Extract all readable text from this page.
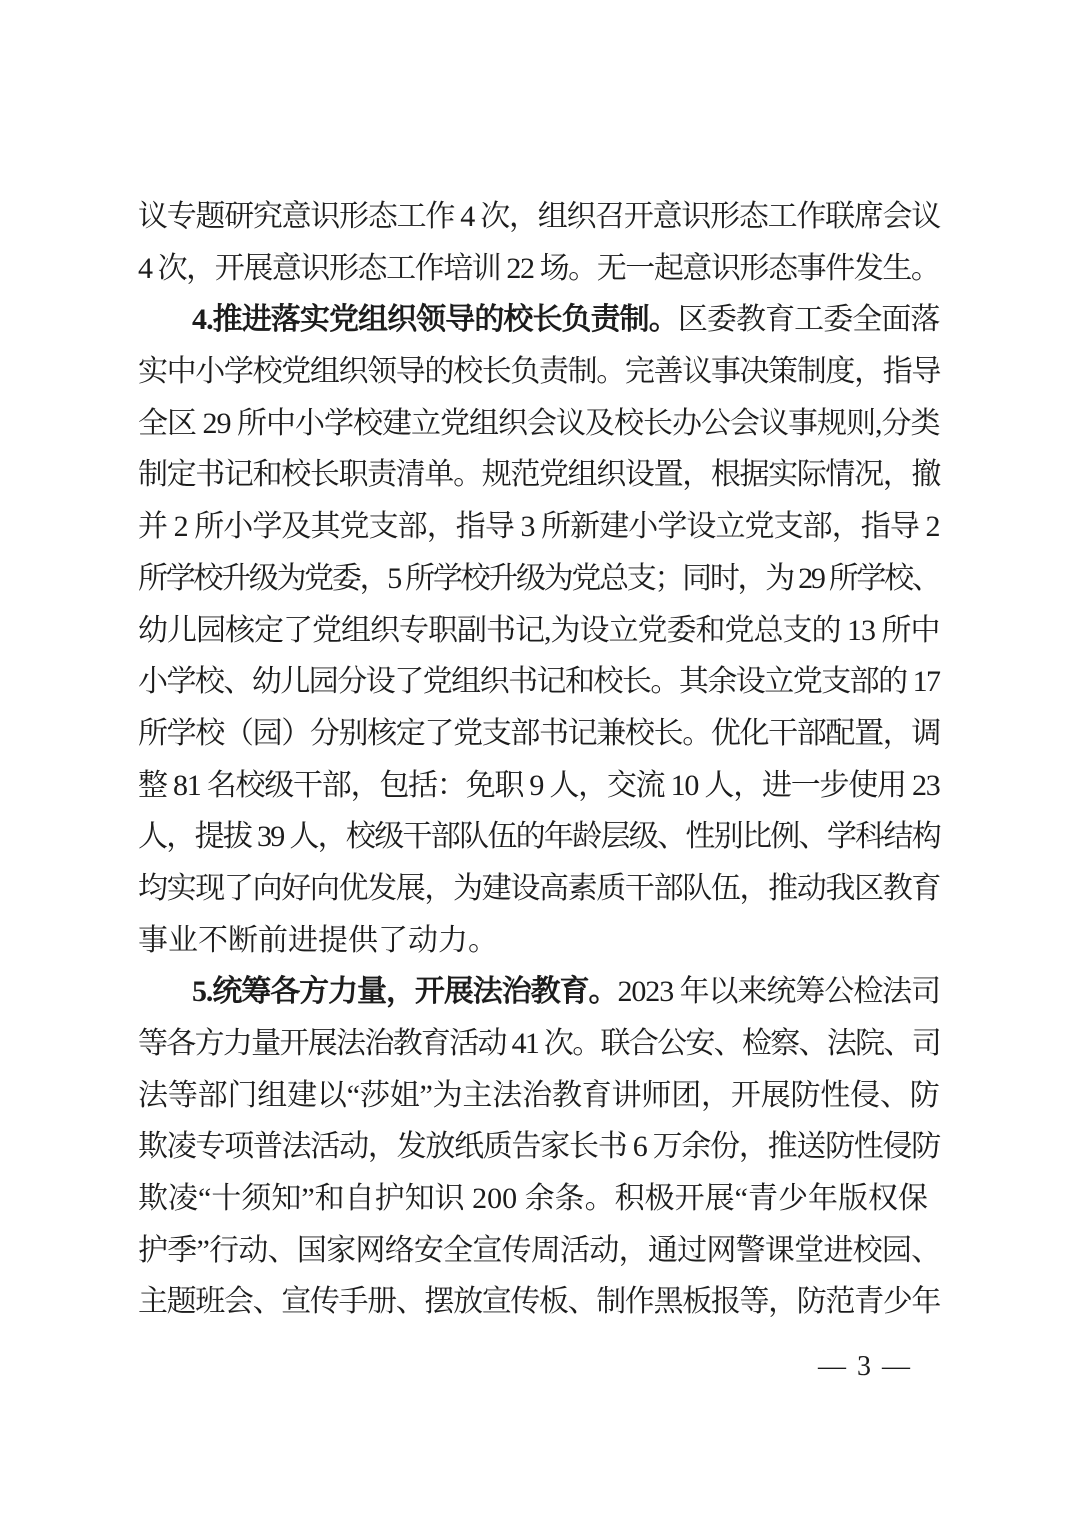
议专题研究意识形态工作 4 次，组织召开意识形态工作联席会议
4 次，开展意识形态工作培训 22 场。无一起意识形态事件发生。
4.推进落实党组织领导的校长负责制。区委教育工委全面落
实中小学校党组织领导的校长负责制。完善议事决策制度，指导
全区 29 所中小学校建立党组织会议及校长办公会议事规则,分类
制定书记和校长职责清单。规范党组织设置，根据实际情况，撤
并 2 所小学及其党支部，指导 3 所新建小学设立党支部，指导 2
所学校升级为党委，5 所学校升级为党总支；同时，为 29 所学校、
幼儿园核定了党组织专职副书记,为设立党委和党总支的 13 所中
小学校、幼儿园分设了党组织书记和校长。其余设立党支部的 17
所学校（园）分别核定了党支部书记兼校长。优化干部配置，调
整 81 名校级干部，包括：免职 9 人，交流 10 人，进一步使用 23
人，提拔 39 人，校级干部队伍的年龄层级、性别比例、学科结构
均实现了向好向优发展，为建设高素质干部队伍，推动我区教育
事业不断前进提供了动力。
5.统筹各方力量，开展法治教育。2023 年以来统筹公检法司
等各方力量开展法治教育活动 41 次。联合公安、检察、法院、司
法等部门组建以“莎姐”为主法治教育讲师团，开展防性侵、防
欺凌专项普法活动，发放纸质告家长书 6 万余份，推送防性侵防
欺凌“十须知”和自护知识 200 余条。积极开展“青少年版权保
护季”行动、国家网络安全宣传周活动，通过网警课堂进校园、
主题班会、宣传手册、摆放宣传板、制作黑板报等，防范青少年
— 3 —
